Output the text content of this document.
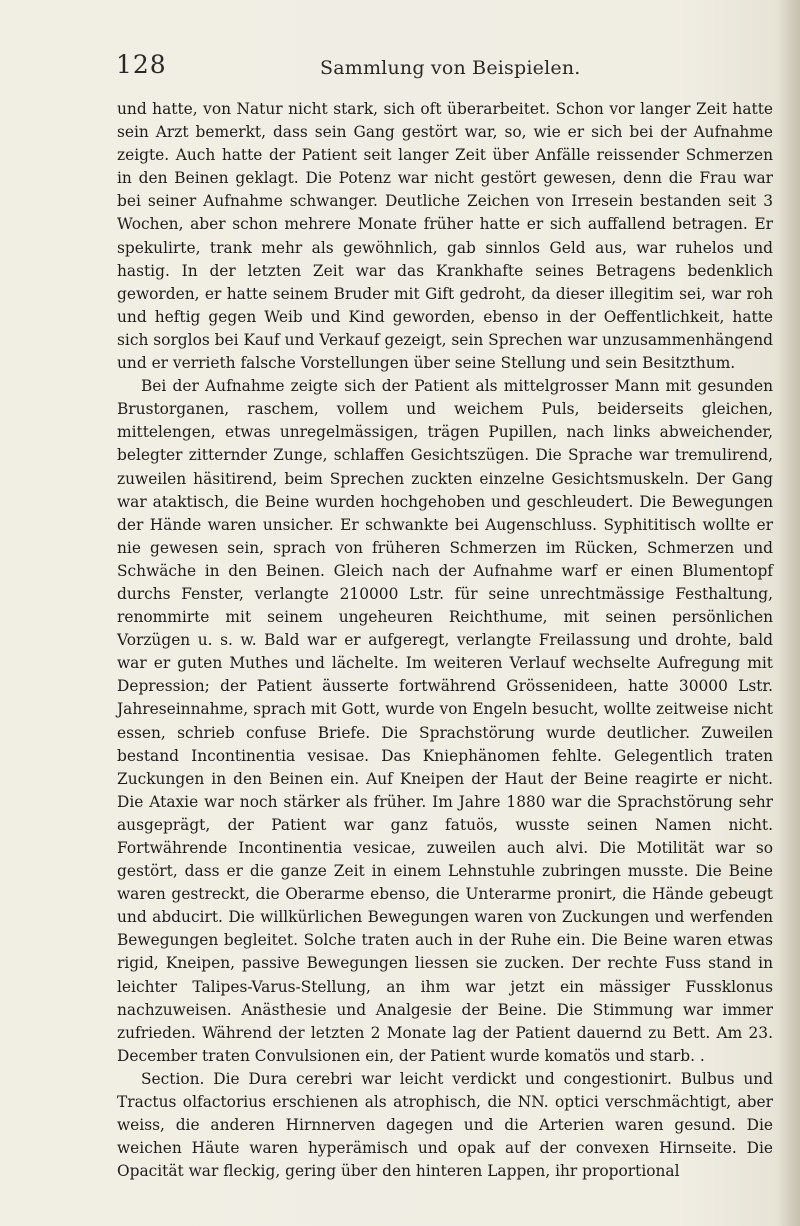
128	Sammlung von Beispielen.

und hatte, von Natur nicht stark, sich oft überarbeitet. Schon vor langer Zeit hatte sein Arzt bemerkt, dass sein Gang gestört war, so, wie er sich bei der Aufnahme zeigte. Auch hatte der Patient seit langer Zeit über Anfälle reissender Schmerzen in den Beinen geklagt. Die Potenz war nicht gestört gewesen, denn die Frau war bei seiner Aufnahme schwanger. Deutliche Zeichen von Irresein bestanden seit 3 Wochen, aber schon mehrere Monate früher hatte er sich auffallend betragen. Er spekulirte, trank mehr als gewöhnlich, gab sinnlos Geld aus, war ruhelos und hastig. In der letzten Zeit war das Krankhafte seines Betragens bedenklich geworden, er hatte seinem Bruder mit Gift gedroht, da dieser illegitim sei, war roh und heftig gegen Weib und Kind geworden, ebenso in der Oeffentlichkeit, hatte sich sorglos bei Kauf und Verkauf gezeigt, sein Sprechen war unzusammenhängend und er verrieth falsche Vorstellungen über seine Stellung und sein Besitzthum.

Bei der Aufnahme zeigte sich der Patient als mittelgrosser Mann mit gesunden Brustorganen, raschem, vollem und weichem Puls, beiderseits gleichen, mittelengen, etwas unregelmässigen, trägen Pupillen, nach links abweichender, belegter zitternder Zunge, schlaffen Gesichtszügen. Die Sprache war tremulirend, zuweilen häsitirend, beim Sprechen zuckten einzelne Gesichtsmuskeln. Der Gang war ataktisch, die Beine wurden hochgehoben und geschleudert. Die Bewegungen der Hände waren unsicher. Er schwankte bei Augenschluss. Syphititisch wollte er nie gewesen sein, sprach von früheren Schmerzen im Rücken, Schmerzen und Schwäche in den Beinen. Gleich nach der Aufnahme warf er einen Blumentopf durchs Fenster, verlangte 210000 Lstr. für seine unrechtmässige Festhaltung, renommirte mit seinem ungeheuren Reichthume, mit seinen persönlichen Vorzügen u. s. w. Bald war er aufgeregt, verlangte Freilassung und drohte, bald war er guten Muthes und lächelte. Im weiteren Verlauf wechselte Aufregung mit Depression; der Patient äusserte fortwährend Grössenideen, hatte 30000 Lstr. Jahreseinnahme, sprach mit Gott, wurde von Engeln besucht, wollte zeitweise nicht essen, schrieb confuse Briefe. Die Sprachstörung wurde deutlicher. Zuweilen bestand Incontinentia vesisae. Das Kniephänomen fehlte. Gelegentlich traten Zuckungen in den Beinen ein. Auf Kneipen der Haut der Beine reagirte er nicht. Die Ataxie war noch stärker als früher. Im Jahre 1880 war die Sprachstörung sehr ausgeprägt, der Patient war ganz fatuös, wusste seinen Namen nicht. Fortwährende Incontinentia vesicae, zuweilen auch alvi. Die Motilität war so gestört, dass er die ganze Zeit in einem Lehnstuhle zubringen musste. Die Beine waren gestreckt, die Oberarme ebenso, die Unterarme pronirt, die Hände gebeugt und abducirt. Die willkürlichen Bewegungen waren von Zuckungen und werfenden Bewegungen begleitet. Solche traten auch in der Ruhe ein. Die Beine waren etwas rigid, Kneipen, passive Bewegungen liessen sie zucken. Der rechte Fuss stand in leichter Talipes-Varus-Stellung, an ihm war jetzt ein mässiger Fussklonus nachzuweisen. Anästhesie und Analgesie der Beine. Die Stimmung war immer zufrieden. Während der letzten 2 Monate lag der Patient dauernd zu Bett. Am 23. December traten Convulsionen ein, der Patient wurde komatös und starb. .

Section. Die Dura cerebri war leicht verdickt und congestionirt. Bulbus und Tractus olfactorius erschienen als atrophisch, die NN. optici verschmächtigt, aber weiss, die anderen Hirnnerven dagegen und die Arterien waren gesund. Die weichen Häute waren hyperämisch und opak auf der convexen Hirnseite. Die Opacität war fleckig, gering über den hinteren Lappen, ihr proportional
